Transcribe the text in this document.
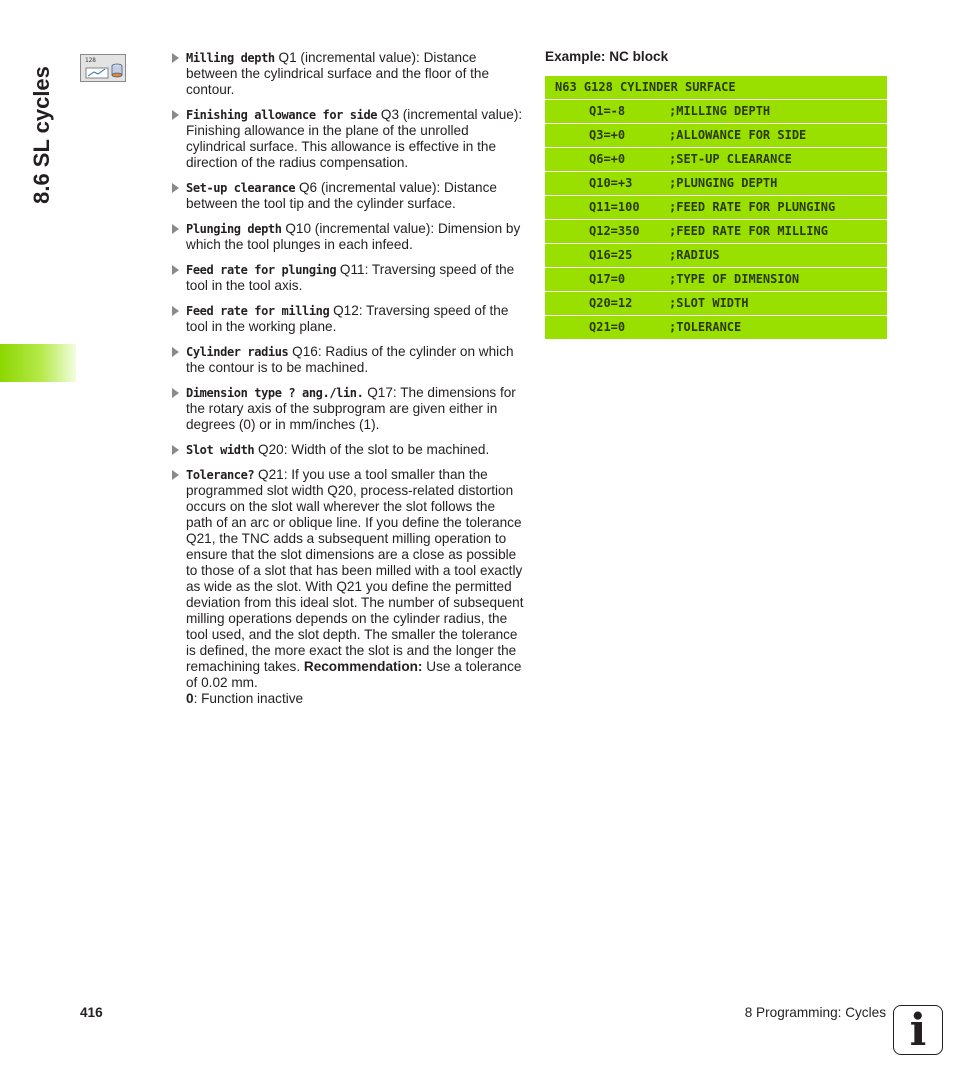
8.6 SL cycles
128	Milling depth Q1 (incremental value): Distance between the cylindrical surface and the floor of the contour.
Finishing allowance for side Q3 (incremental value): Finishing allowance in the plane of the unrolled cylindrical surface. This allowance is effective in the direction of the radius compensation.
Set-up clearance Q6 (incremental value): Distance between the tool tip and the cylinder surface.
Plunging depth Q10 (incremental value): Dimension by which the tool plunges in each infeed.
Feed rate for plunging Q11: Traversing speed of the tool in the tool axis.
Feed rate for milling Q12: Traversing speed of the tool in the working plane.
Cylinder radius Q16: Radius of the cylinder on which the contour is to be machined.
Dimension type ? ang./lin. Q17: The dimensions for the rotary axis of the subprogram are given either in degrees (0) or in mm/inches (1).
Slot width Q20: Width of the slot to be machined.
Tolerance? Q21: If you use a tool smaller than the programmed slot width Q20, process-related distortion occurs on the slot wall wherever the slot follows the path of an arc or oblique line. If you define the tolerance Q21, the TNC adds a subsequent milling operation to ensure that the slot dimensions are a close as possible to those of a slot that has been milled with a tool exactly as wide as the slot. With Q21 you define the permitted deviation from this ideal slot. The number of subsequent milling operations depends on the cylinder radius, the tool used, and the slot depth. The smaller the tolerance is defined, the more exact the slot is and the longer the remachining takes. Recommendation: Use a tolerance of 0.02 mm.
0: Function inactive
Example: NC block
N63 G128 CYLINDER SURFACE
Q1=-8	;MILLING DEPTH
Q3=+0	;ALLOWANCE FOR SIDE
Q6=+0	;SET-UP CLEARANCE
Q10=+3	;PLUNGING DEPTH
Q11=100 ;FEED RATE FOR PLUNGING
Q12=350 ;FEED RATE FOR MILLING
Q16=25	;RADIUS
Q17=0	;TYPE OF DIMENSION
Q20=12	;SLOT WIDTH
Q21=0	;TOLERANCE
416	8 Programming: Cycles i
